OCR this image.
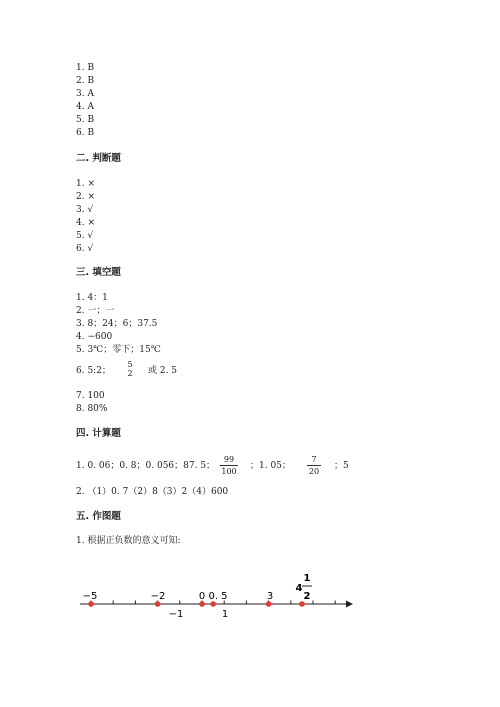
1. B
2. B
3. A
4. A
5. B
6. B
二. 判断题
1. ×
2. ×
3. √
4. ×
5. √
6. √
三. 填空题
1. 4：1
2. 一；一
3. 8；24；6；37.5
4. −600
5. 3℃；零下；15℃
6. 5:2；
5
2 或 2. 5
7. 100
8. 80%
四. 计算题
1. 0. 06；0. 8；0. 056；87. 5；
99
100
；1. 05；
7
20
；5
2. （1）0. 7（2）8（3）2（4）600
五. 作图题
1. 根据正负数的意义可知:
−5	−2	0 0. 5	3
4
1
2
−1	1
